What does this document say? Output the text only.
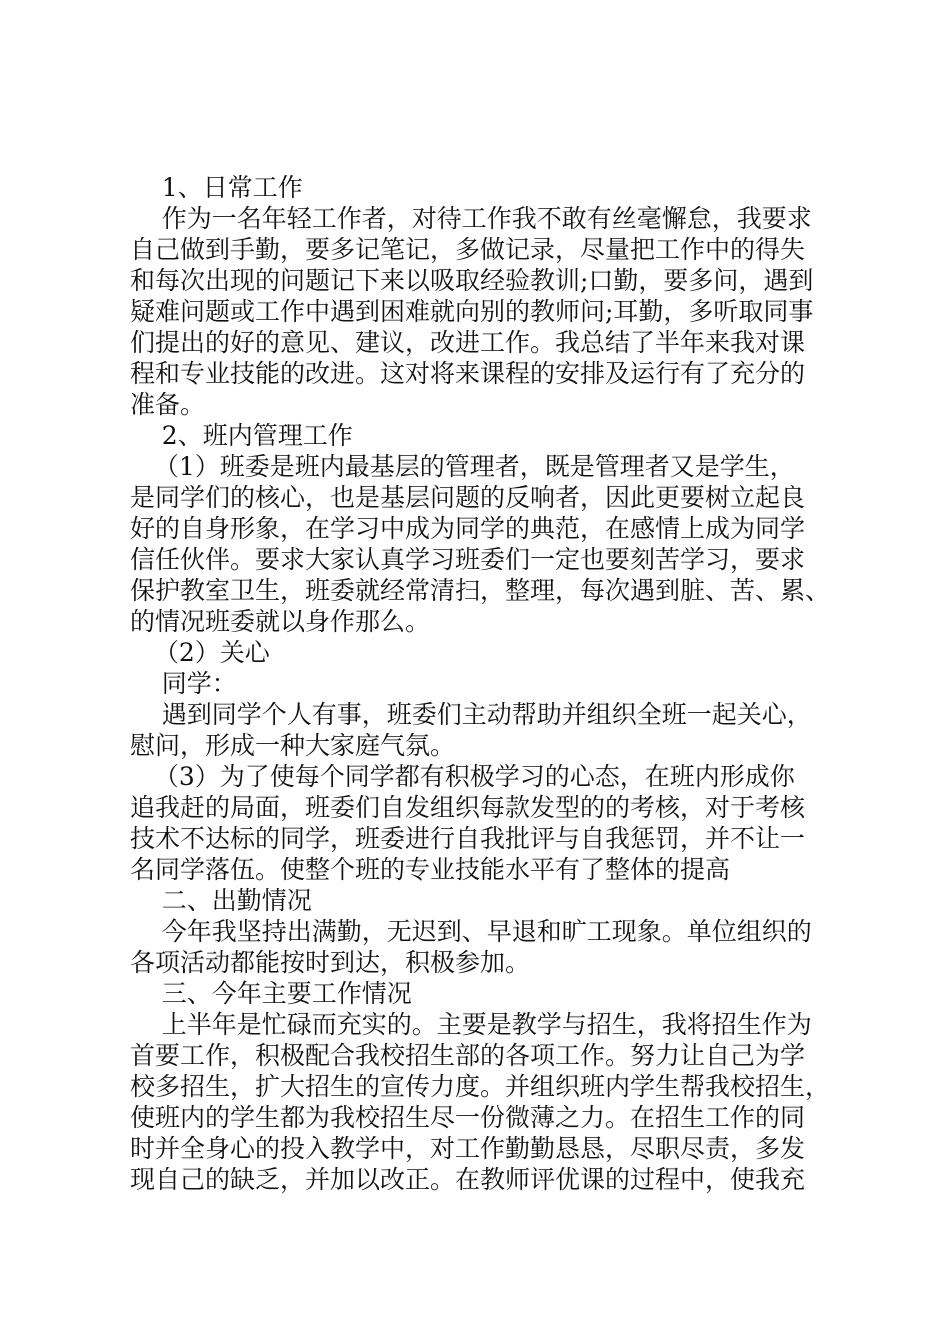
1、日常工作
作为一名年轻工作者，对待工作我不敢有丝毫懈怠，我要求
自己做到手勤，要多记笔记，多做记录，尽量把工作中的得失
和每次出现的问题记下来以吸取经验教训;口勤，要多问，遇到
疑难问题或工作中遇到困难就向别的教师问;耳勤，多听取同事
们提出的好的意见、建议，改进工作。我总结了半年来我对课
程和专业技能的改进。这对将来课程的安排及运行有了充分的
准备。
2、班内管理工作
（1）班委是班内最基层的管理者，既是管理者又是学生，
是同学们的核心，也是基层问题的反响者，因此更要树立起良
好的自身形象，在学习中成为同学的典范，在感情上成为同学
信任伙伴。要求大家认真学习班委们一定也要刻苦学习，要求
保护教室卫生，班委就经常清扫，整理，每次遇到脏、苦、累、
的情况班委就以身作那么。
（2）关心
同学：
遇到同学个人有事，班委们主动帮助并组织全班一起关心，
慰问，形成一种大家庭气氛。
（3）为了使每个同学都有积极学习的心态，在班内形成你
追我赶的局面，班委们自发组织每款发型的的考核，对于考核
技术不达标的同学，班委进行自我批评与自我惩罚，并不让一
名同学落伍。使整个班的专业技能水平有了整体的提高
二、出勤情况
今年我坚持出满勤，无迟到、早退和旷工现象。单位组织的
各项活动都能按时到达，积极参加。
三、今年主要工作情况
上半年是忙碌而充实的。主要是教学与招生，我将招生作为
首要工作，积极配合我校招生部的各项工作。努力让自己为学
校多招生，扩大招生的宣传力度。并组织班内学生帮我校招生，
使班内的学生都为我校招生尽一份微薄之力。在招生工作的同
时并全身心的投入教学中，对工作勤勤恳恳，尽职尽责，多发
现自己的缺乏，并加以改正。在教师评优课的过程中，使我充
